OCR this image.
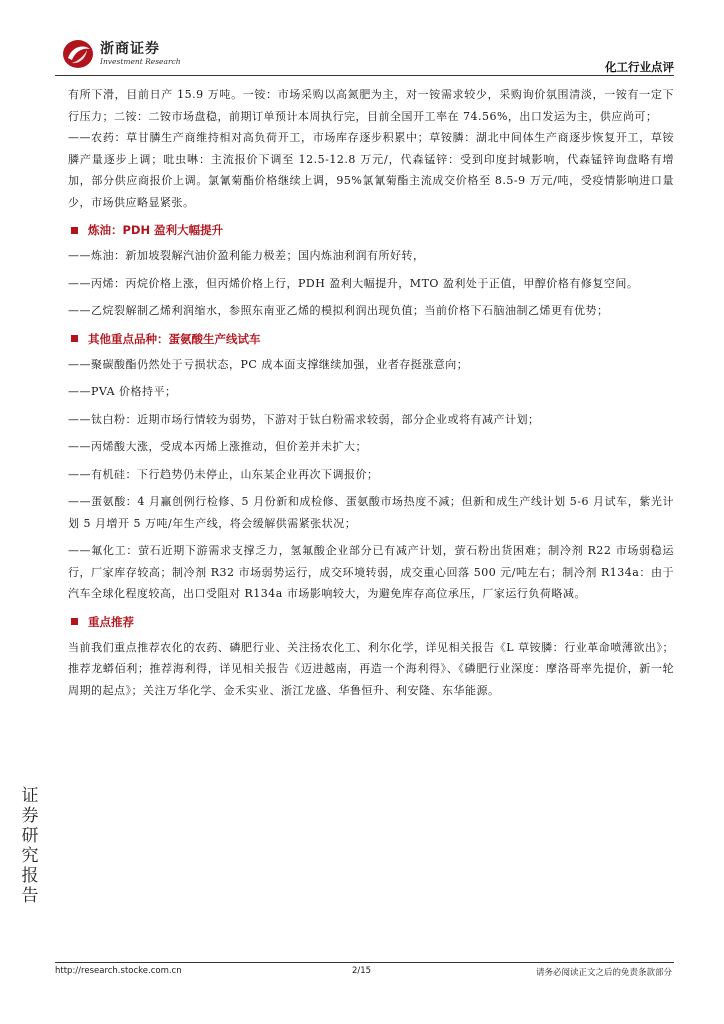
浙商证券
Investment Research	化工行业点评

有所下滑，目前日产 15.9 万吨。一铵：市场采购以高氮肥为主，对一铵需求较少，采购询价氛围清淡，一铵有一定下行压力；二铵：二铵市场盘稳，前期订单预计本周执行完，目前全国开工率在 74.56%，出口发运为主，供应尚可；

——农药：草甘膦生产商维持相对高负荷开工，市场库存逐步积累中；草铵膦：湖北中间体生产商逐步恢复开工，草铵膦产量逐步上调；吡虫啉：主流报价下调至 12.5-12.8 万元/，代森锰锌：受到印度封城影响，代森锰锌询盘略有增加，部分供应商报价上调。氯氰菊酯价格继续上调，95%氯氰菊酯主流成交价格至 8.5-9 万元/吨，受疫情影响进口量少，市场供应略显紧张。

炼油：PDH 盈利大幅提升

——炼油：新加坡裂解汽油价盈利能力极差；国内炼油利润有所好转，

——丙烯：丙烷价格上涨，但丙烯价格上行，PDH 盈利大幅提升，MTO 盈利处于正值，甲醇价格有修复空间。

——乙烷裂解制乙烯利润缩水，参照东南亚乙烯的模拟利润出现负值；当前价格下石脑油制乙烯更有优势；

其他重点品种：蛋氨酸生产线试车

——聚碳酸酯仍然处于亏损状态，PC 成本面支撑继续加强，业者存挺涨意向；

——PVA 价格持平；

——钛白粉：近期市场行情较为弱势，下游对于钛白粉需求较弱，部分企业或将有减产计划；

——丙烯酸大涨，受成本丙烯上涨推动，但价差并未扩大；

——有机硅：下行趋势仍未停止，山东某企业再次下调报价；

——蛋氨酸：4 月赢创例行检修、5 月份新和成检修、蛋氨酸市场热度不减；但新和成生产线计划 5-6 月试车，紫光计划 5 月增开 5 万吨/年生产线，将会缓解供需紧张状况；

——氟化工：萤石近期下游需求支撑乏力，氢氟酸企业部分已有减产计划，萤石粉出货困难；制冷剂 R22 市场弱稳运行，厂家库存较高；制冷剂 R32 市场弱势运行，成交环境转弱，成交重心回落 500 元/吨左右；制冷剂 R134a：由于汽车全球化程度较高，出口受阻对 R134a 市场影响较大，为避免库存高位承压，厂家运行负荷略减。

重点推荐

当前我们重点推荐农化的农药、磷肥行业、关注扬农化工、利尔化学，详见相关报告《L 草铵膦：行业革命喷薄欲出》；推荐龙蟒佰利；推荐海利得，详见相关报告《迈进越南，再造一个海利得》、《磷肥行业深度：摩洛哥率先提价，新一轮周期的起点》；关注万华化学、金禾实业、浙江龙盛、华鲁恒升、利安隆、东华能源。

证券研究报告
http://research.stocke.com.cn	2/15	请务必阅读正文之后的免责条款部分
